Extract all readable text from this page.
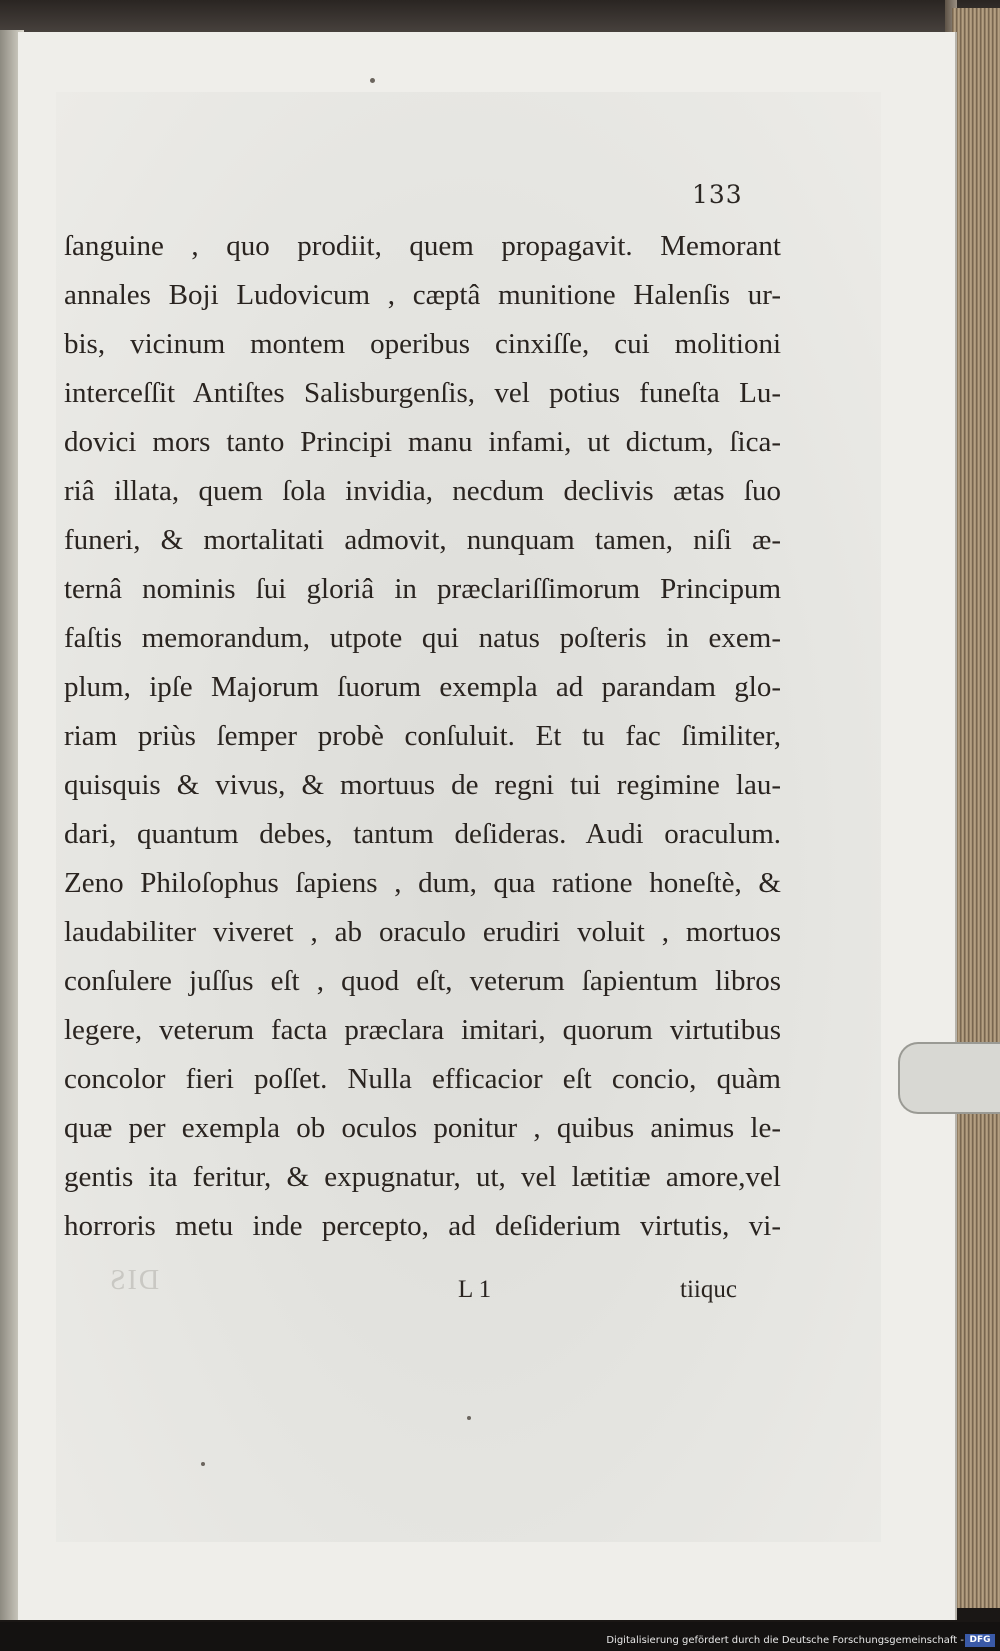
DIS
133
ſanguine , quo prodiit, quem propagavit. Memorant
annales Boji Ludovicum , cæptâ munitione Halenſis ur-
bis, vicinum montem operibus cinxiſſe, cui molitioni
interceſſit Antiſtes Salisburgenſis, vel potius funeſta Lu-
dovici mors tanto Principi manu infami, ut dictum, ſica-
riâ illata, quem ſola invidia, necdum declivis ætas ſuo
funeri, & mortalitati admovit, nunquam tamen, niſi æ-
ternâ nominis ſui gloriâ in præclariſſimorum Principum
faſtis memorandum, utpote qui natus poſteris in exem-
plum, ipſe Majorum ſuorum exempla ad parandam glo-
riam priùs ſemper probè conſuluit. Et tu fac ſimiliter,
quisquis & vivus, & mortuus de regni tui regimine lau-
dari, quantum debes, tantum deſideras. Audi oraculum.
Zeno Philoſophus ſapiens , dum, qua ratione honeſtè, &
laudabiliter viveret , ab oraculo erudiri voluit , mortuos
conſulere juſſus eſt , quod eſt, veterum ſapientum libros
legere, veterum facta præclara imitari, quorum virtutibus
concolor fieri poſſet. Nulla efficacior eſt concio, quàm
quæ per exempla ob oculos ponitur , quibus animus le-
gentis ita feritur, & expugnatur, ut, vel lætitiæ amore,vel
horroris metu inde percepto, ad deſiderium virtutis, vi-
L 1	tiiquc
Digitalisierung gefördert durch die Deutsche Forschungsgemeinschaft - DFG
